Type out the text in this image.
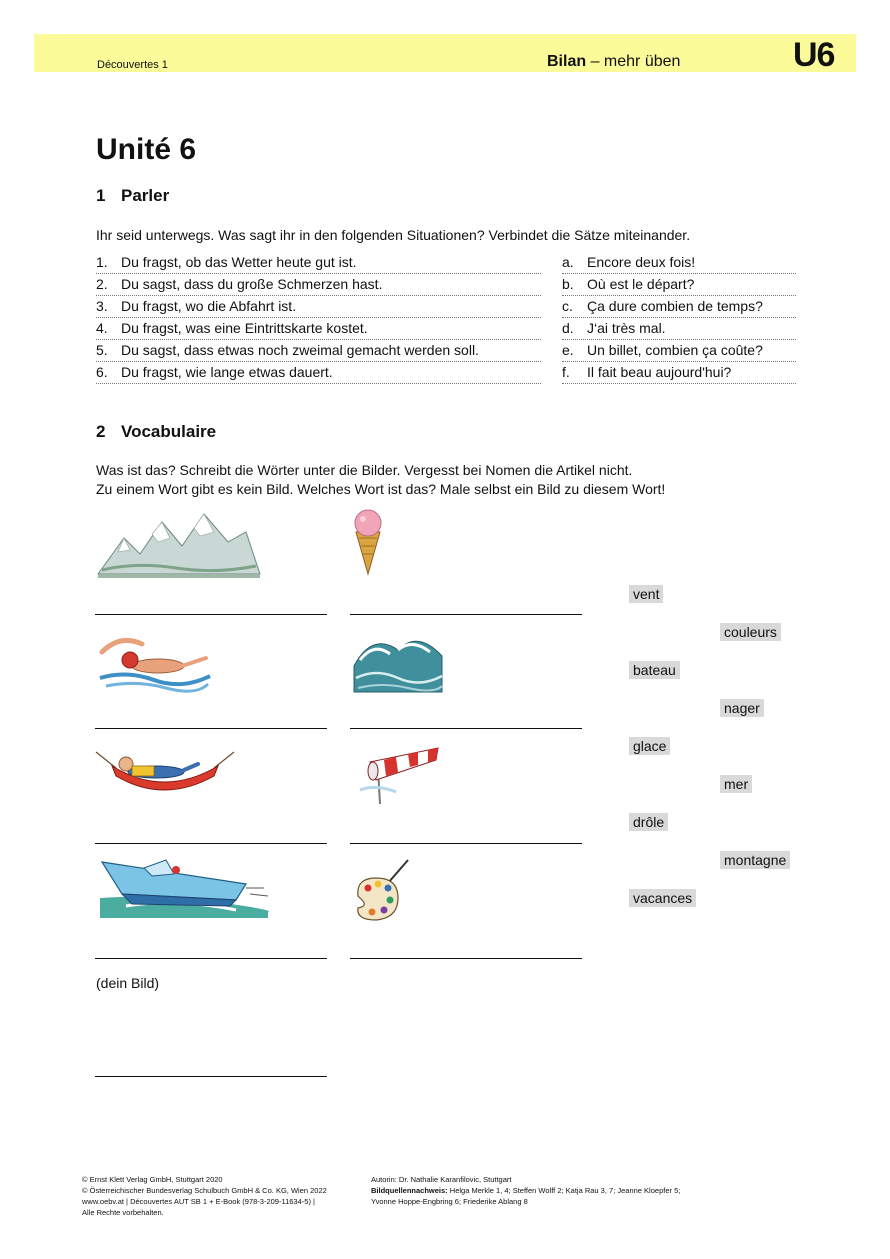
Découvertes 1	Bilan – mehr üben	U6
Unité 6
1 Parler
Ihr seid unterwegs. Was sagt ihr in den folgenden Situationen? Verbindet die Sätze miteinander.
1. Du fragst, ob das Wetter heute gut ist.
2. Du sagst, dass du große Schmerzen hast.
3. Du fragst, wo die Abfahrt ist.
4. Du fragst, was eine Eintrittskarte kostet.
5. Du sagst, dass etwas noch zweimal gemacht werden soll.
6. Du fragst, wie lange etwas dauert.
a. Encore deux fois!
b. Où est le départ?
c. Ça dure combien de temps?
d. J‘ai très mal.
e. Un billet, combien ça coûte?
f. Il fait beau aujourd'hui?
2 Vocabulaire
Was ist das? Schreibt die Wörter unter die Bilder. Vergesst bei Nomen die Artikel nicht.
Zu einem Wort gibt es kein Bild. Welches Wort ist das? Male selbst ein Bild zu diesem Wort!
vent
couleurs
bateau
nager
glace
mer
drôle
montagne
vacances
(dein Bild)
© Ernst Klett Verlag GmbH, Stuttgart 2020
© Österreichischer Bundesverlag Schulbuch GmbH & Co. KG, Wien 2022
www.oebv.at | Découvertes AUT SB 1 + E-Book (978-3-209-11634-5) |
Alle Rechte vorbehalten.
Autorin: Dr. Nathalie Karanfilovic, Stuttgart
Bildquellennachweis: Helga Merkle 1, 4; Steffen Wolff 2; Katja Rau 3, 7; Jeanne Kloepfer 5;
Yvonne Hoppe-Engbring 6; Friederike Ablang 8
